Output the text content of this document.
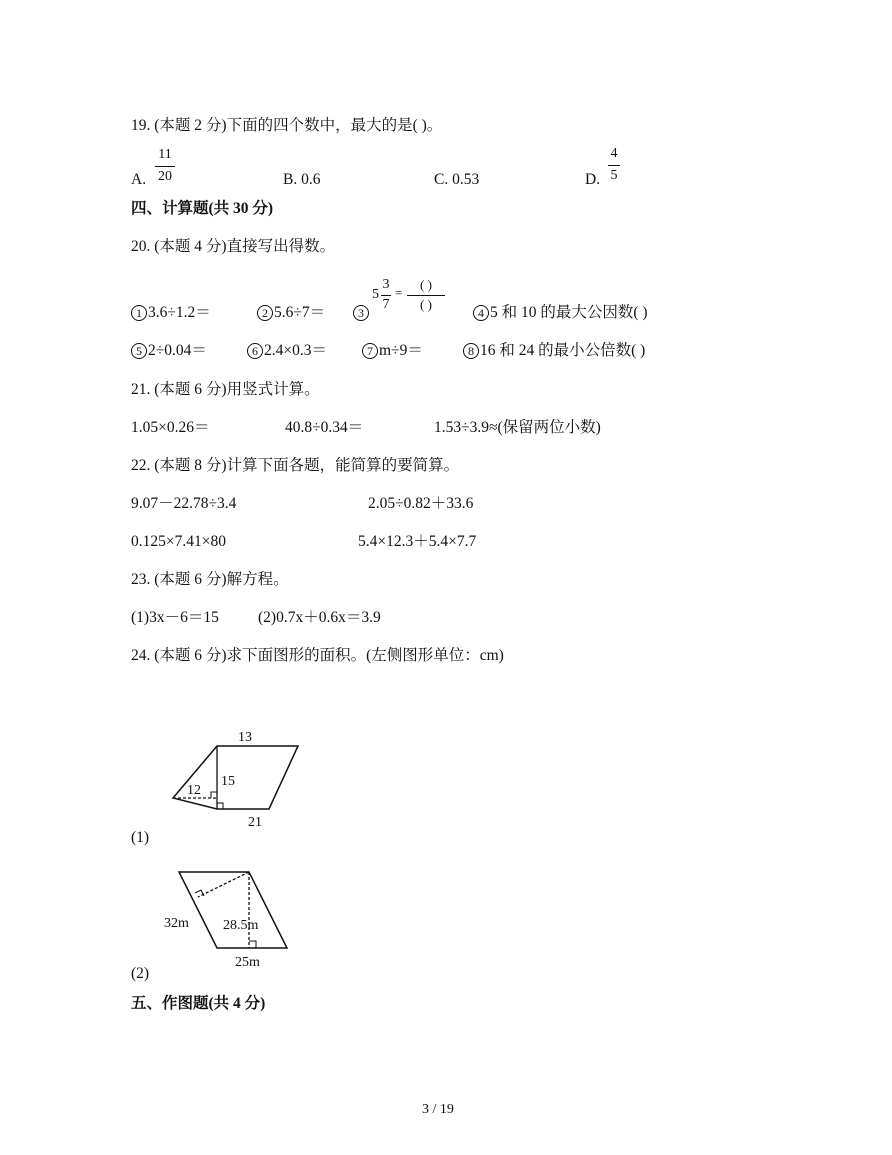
19. (本题 2 分)下面的四个数中，最大的是( )。
A.
11
20	B. 0.6	C. 0.53	D.
4
5
四、计算题(共 30 分)
20. (本题 4 分)直接写出得数。
1 3.6÷1.2＝	2 5.6÷7＝	3
5
3
7
=
( )
( )
4 5 和 10 的最大公因数( )
5 2÷0.04＝	6 2.4×0.3＝	7 m÷9＝	8 16 和 24 的最小公倍数( )
21. (本题 6 分)用竖式计算。
1.05×0.26＝	40.8÷0.34＝	1.53÷3.9≈(保留两位小数)
22. (本题 8 分)计算下面各题，能简算的要简算。
9.07－22.78÷3.4	2.05÷0.82＋33.6
0.125×7.41×80	5.4×12.3＋5.4×7.7
23. (本题 6 分)解方程。
(1)3x－6＝15	(2)0.7x＋0.6x＝3.9
24. (本题 6 分)求下面图形的面积。(左侧图形单位：cm)
13
12
15
21
(1)
32m 28.5m
25m
(2)
五、作图题(共 4 分)
3 / 19
